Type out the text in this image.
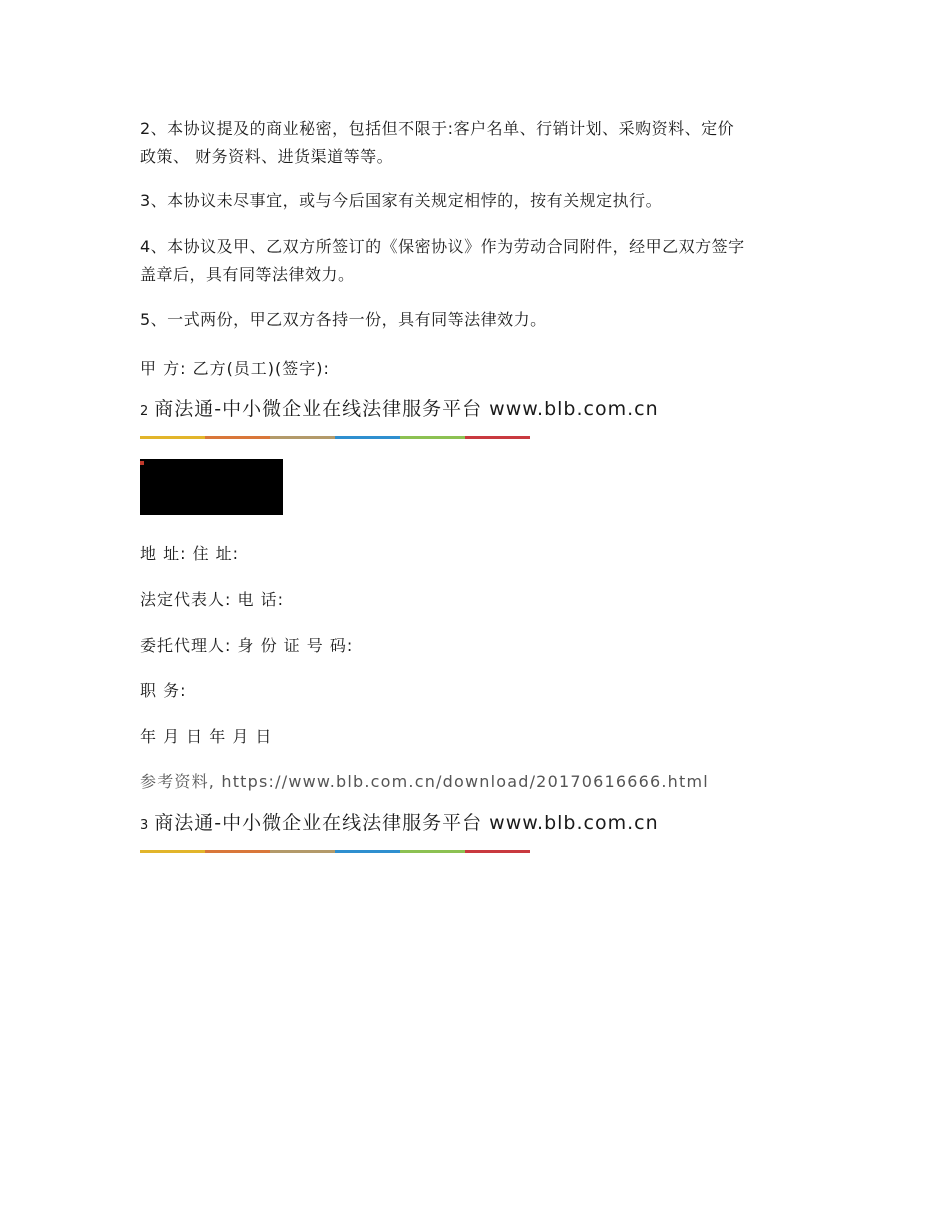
2、本协议提及的商业秘密，包括但不限于:客户名单、行销计划、采购资料、定价
政策、 财务资料、进货渠道等等。

3、本协议未尽事宜，或与今后国家有关规定相悖的，按有关规定执行。

4、本协议及甲、乙双方所签订的《保密协议》作为劳动合同附件，经甲乙双方签字
盖章后，具有同等法律效力。

5、一式两份，甲乙双方各持一份，具有同等法律效力。

甲 方: 乙方(员工)(签字):
2 商法通-中小微企业在线法律服务平台 www.blb.com.cn
地 址: 住 址:
法定代表人: 电 话:
委托代理人: 身 份 证 号 码:
职 务:
年 月 日 年 月 日
参考资料, https://www.blb.com.cn/download/20170616666.html
3 商法通-中小微企业在线法律服务平台 www.blb.com.cn
